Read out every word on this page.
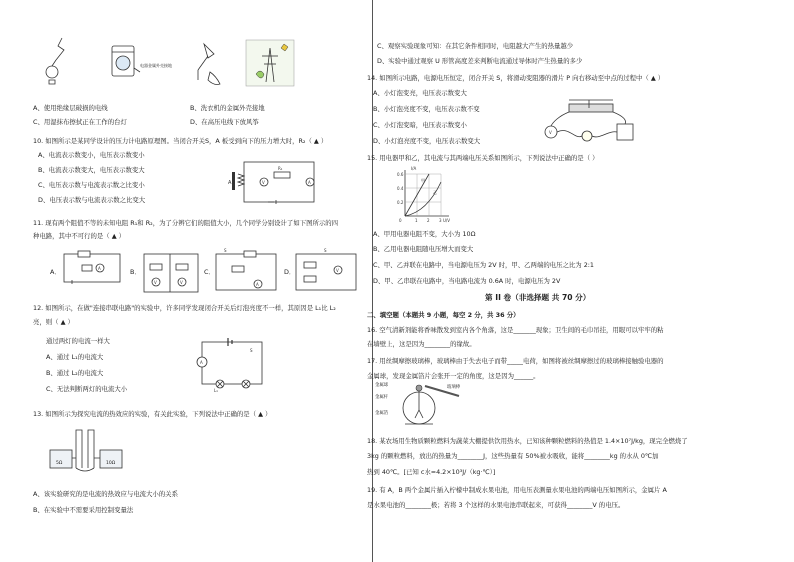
电器金属外壳接地
A、使用绝缘层破损的电线	B、洗衣机的金属外壳接地
C、用湿抹布擦拭正在工作的台灯	D、在高压电线下放风筝
10. 如图所示是某同学设计的压力计电路原理图。当闭合开关S，A 板受到向下的压力增大时，R₂（ ▲ ）
A、电流表示数变小，电压表示数变小
B、电流表示数变大，电压表示数变大
C、电压表示数与电流表示数之比变小
D、电压表示数与电流表示数之比变大
A	V	A
R₁
11. 现有两个阻值不等的未知电阻 R₁和 R₂，为了分辨它们的阻值大小，几个同学分别设计了如下图所示的四
种电路，其中不可行的是（ ▲ ）
A．	A	B．
V	V
C．
A
S
D．	V
S
12. 如图所示，在做"连接串联电路"的实验中，许多同学发现闭合开关后灯泡亮度不一样，其原因是 L₁比 L₂
亮，则（ ▲ ）
通过两灯的电流一样大
A、通过 L₁的电流大
B、通过 L₂的电流大
C、无法判断两灯的电流大小
A
S
L₁
13. 如图所示为探究电流的热效应的实验，有关此实验，下列说法中正确的是（ ▲ ）
5Ω	10Ω
A、该实验研究的是电流的热效应与电流大小的关系
B、在实验中不需要采用控制变量法
C、观察实验现象可知：在其它条件相同时，电阻越大产生的热量越少
D、实验中通过观察 U 形管高度差来判断电流通过导体时产生热量的多少
14. 如图所示电路，电源电压恒定，闭合开关 S，将滑动变阻器的滑片 P 向右移动至中点的过程中（ ▲ ）
A、小灯泡变亮，电压表示数变大
B、小灯泡亮度不变，电压表示数不变
C、小灯泡变暗，电压表示数变小
D、小灯泡亮度不变，电压表示数变大
V
15. 用电器甲和乙，其电流与其两端电压关系如图所示，下列说法中正确的是（ ）
I/A
U/V
0.6
0.4
0.2
0	1 2 3
甲
乙
A、甲用电器电阻不变，大小为 10Ω
B、乙用电器电阻随电压增大而变大
C、甲、乙并联在电路中，当电源电压为 2V 时，甲、乙两端的电压之比为 2:1
D、甲、乙串联在电路中，当电路电流为 0.6A 时，电源电压为 2V
第 II 卷（非选择题 共 70 分）
二、填空题（本题共 9 小题，每空 2 分，共 36 分）
16. 空气清新剂能将香味散发到室内各个角落，这是_______现象；卫生间的毛巾吊挂，用眼可以牢牢的粘
在墙壁上，这是因为________的缘故。
17. 用丝绸摩擦玻璃棒，玻璃棒由于失去电子而带_____电荷，如图将被丝绸摩擦过的玻璃棒接触验电器的
金属球，发现金属箔片会张开一定的角度，这是因为______。
金属球
金属杆
金属箔
玻璃棒
18. 某农场用生物质颗粒燃料为蔬菜大棚提供饮用热水，已知该种颗粒燃料的热值是 1.4×10⁷J/kg，现完全燃烧了
3kg 的颗粒燃料，放出的热量为________J，这些热量有 50%被水吸收，能将________kg 的水从 0℃加
热到 40℃。[已知 c水=4.2×10³J/（kg·℃）]
19. 有 A，B 两个金属片插入柠檬中制成水果电池，用电压表测量水果电池的两端电压如图所示，金属片 A
是水果电池的________极；若将 3 个这样的水果电池串联起来，可获得________V 的电压。
